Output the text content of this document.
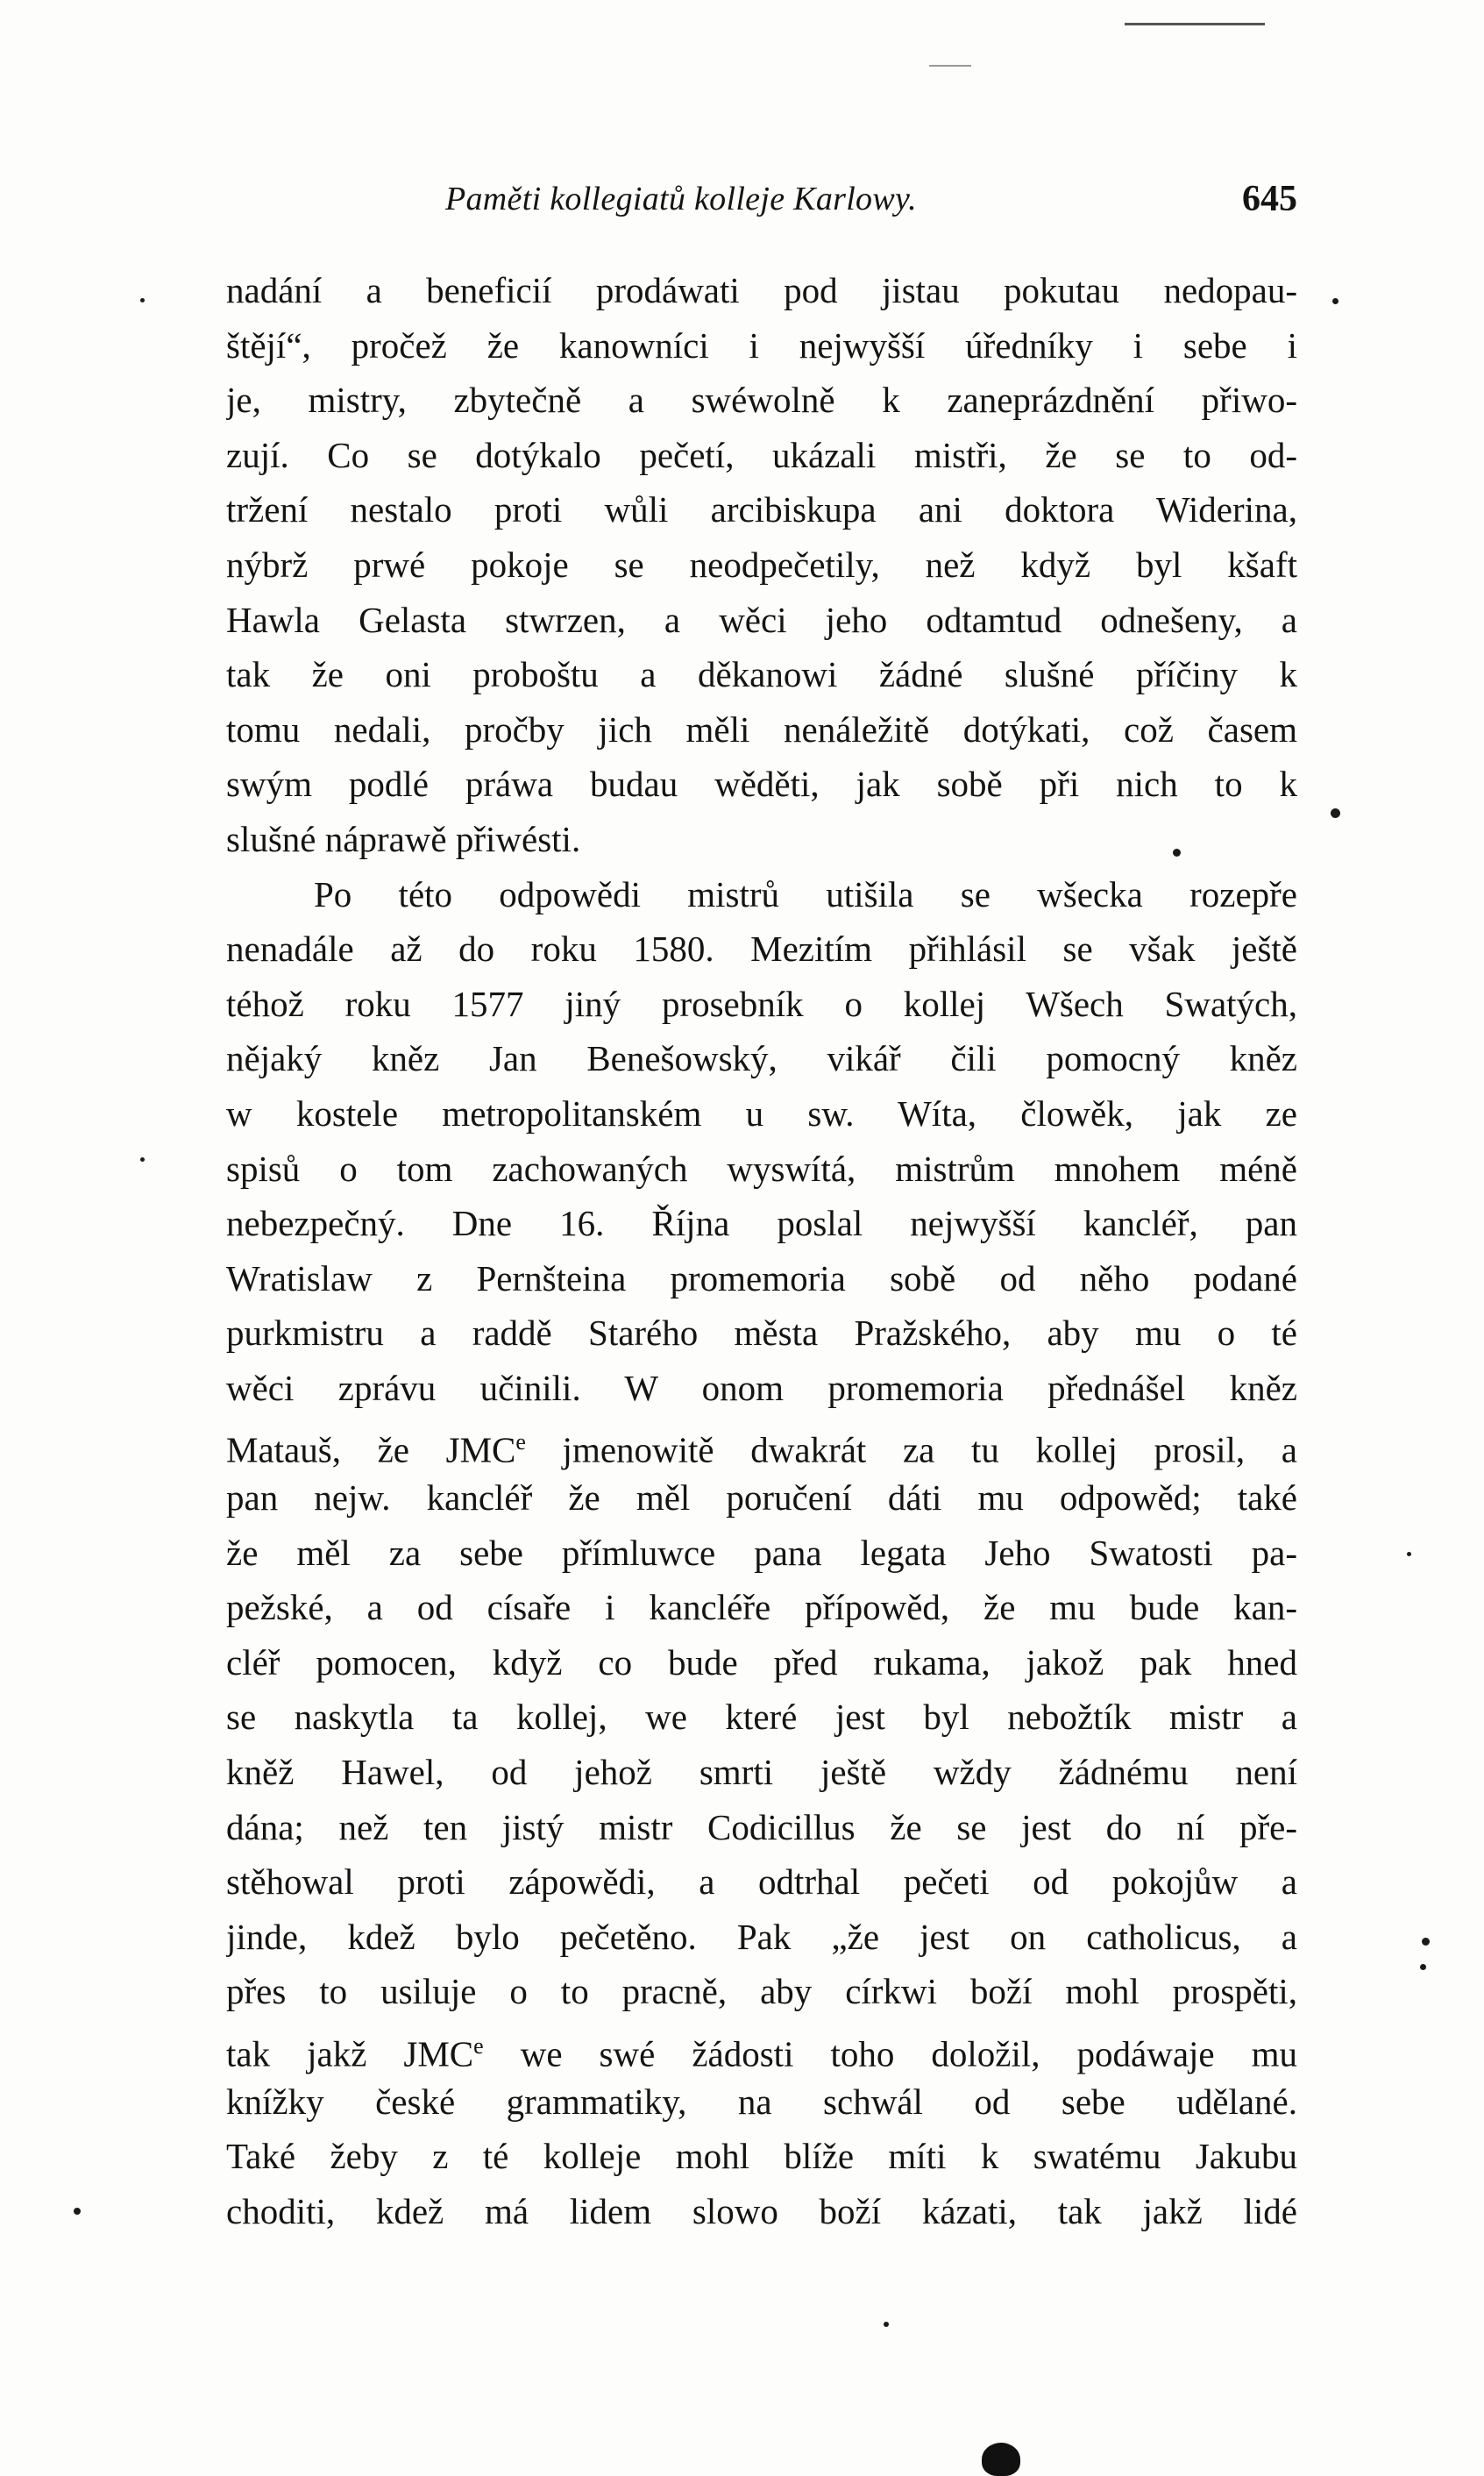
Paměti kollegiatů kolleje Karlowy.	645
nadání a beneficií prodáwati pod jistau pokutau nedopau-
štějí“, pročež že kanowníci i nejwyšší úředníky i sebe i
je, mistry, zbytečně a swéwolně k zaneprázdnění přiwo-
zují. Co se dotýkalo pečetí, ukázali mistři, že se to od-
tržení nestalo proti wůli arcibiskupa ani doktora Widerina,
nýbrž prwé pokoje se neodpečetily, než když byl kšaft
Hawla Gelasta stwrzen, a wěci jeho odtamtud odnešeny, a
tak že oni proboštu a děkanowi žádné slušné příčiny k
tomu nedali, pročby jich měli nenáležitě dotýkati, což časem
swým podlé práwa budau wěděti, jak sobě při nich to k
slušné náprawě přiwésti.
Po této odpowědi mistrů utišila se wšecka rozepře
nenadále až do roku 1580. Mezitím přihlásil se však ještě
téhož roku 1577 jiný prosebník o kollej Wšech Swatých,
nějaký kněz Jan Benešowský, vikář čili pomocný kněz
w kostele metropolitanském u sw. Wíta, člowěk, jak ze
spisů o tom zachowaných wyswítá, mistrům mnohem méně
nebezpečný. Dne 16. Října poslal nejwyšší kancléř, pan
Wratislaw z Pernšteina promemoria sobě od něho podané
purkmistru a raddě Starého města Pražského, aby mu o té
wěci zprávu učinili. W onom promemoria přednášel kněz
Matauš, že JMC$^e$ jmenowitě dwakrát za tu kollej prosil, a
pan nejw. kancléř že měl poručení dáti mu odpowěd; také
že měl za sebe přímluwce pana legata Jeho Swatosti pa-
pežské, a od císaře i kancléře přípowěd, že mu bude kan-
cléř pomocen, když co bude před rukama, jakož pak hned
se naskytla ta kollej, we které jest byl nebožtík mistr a
kněž Hawel, od jehož smrti ještě wždy žádnému není
dána; než ten jistý mistr Codicillus že se jest do ní pře-
stěhowal proti zápowědi, a odtrhal pečeti od pokojůw a
jinde, kdež bylo pečetěno. Pak „že jest on catholicus, a
přes to usiluje o to pracně, aby církwi boží mohl prospěti,
tak jakž JMC$^e$ we swé žádosti toho doložil, podáwaje mu
knížky české grammatiky, na schwál od sebe udělané.
Také žeby z té kolleje mohl blíže míti k swatému Jakubu
choditi, kdež má lidem slowo boží kázati, tak jakž lidé
